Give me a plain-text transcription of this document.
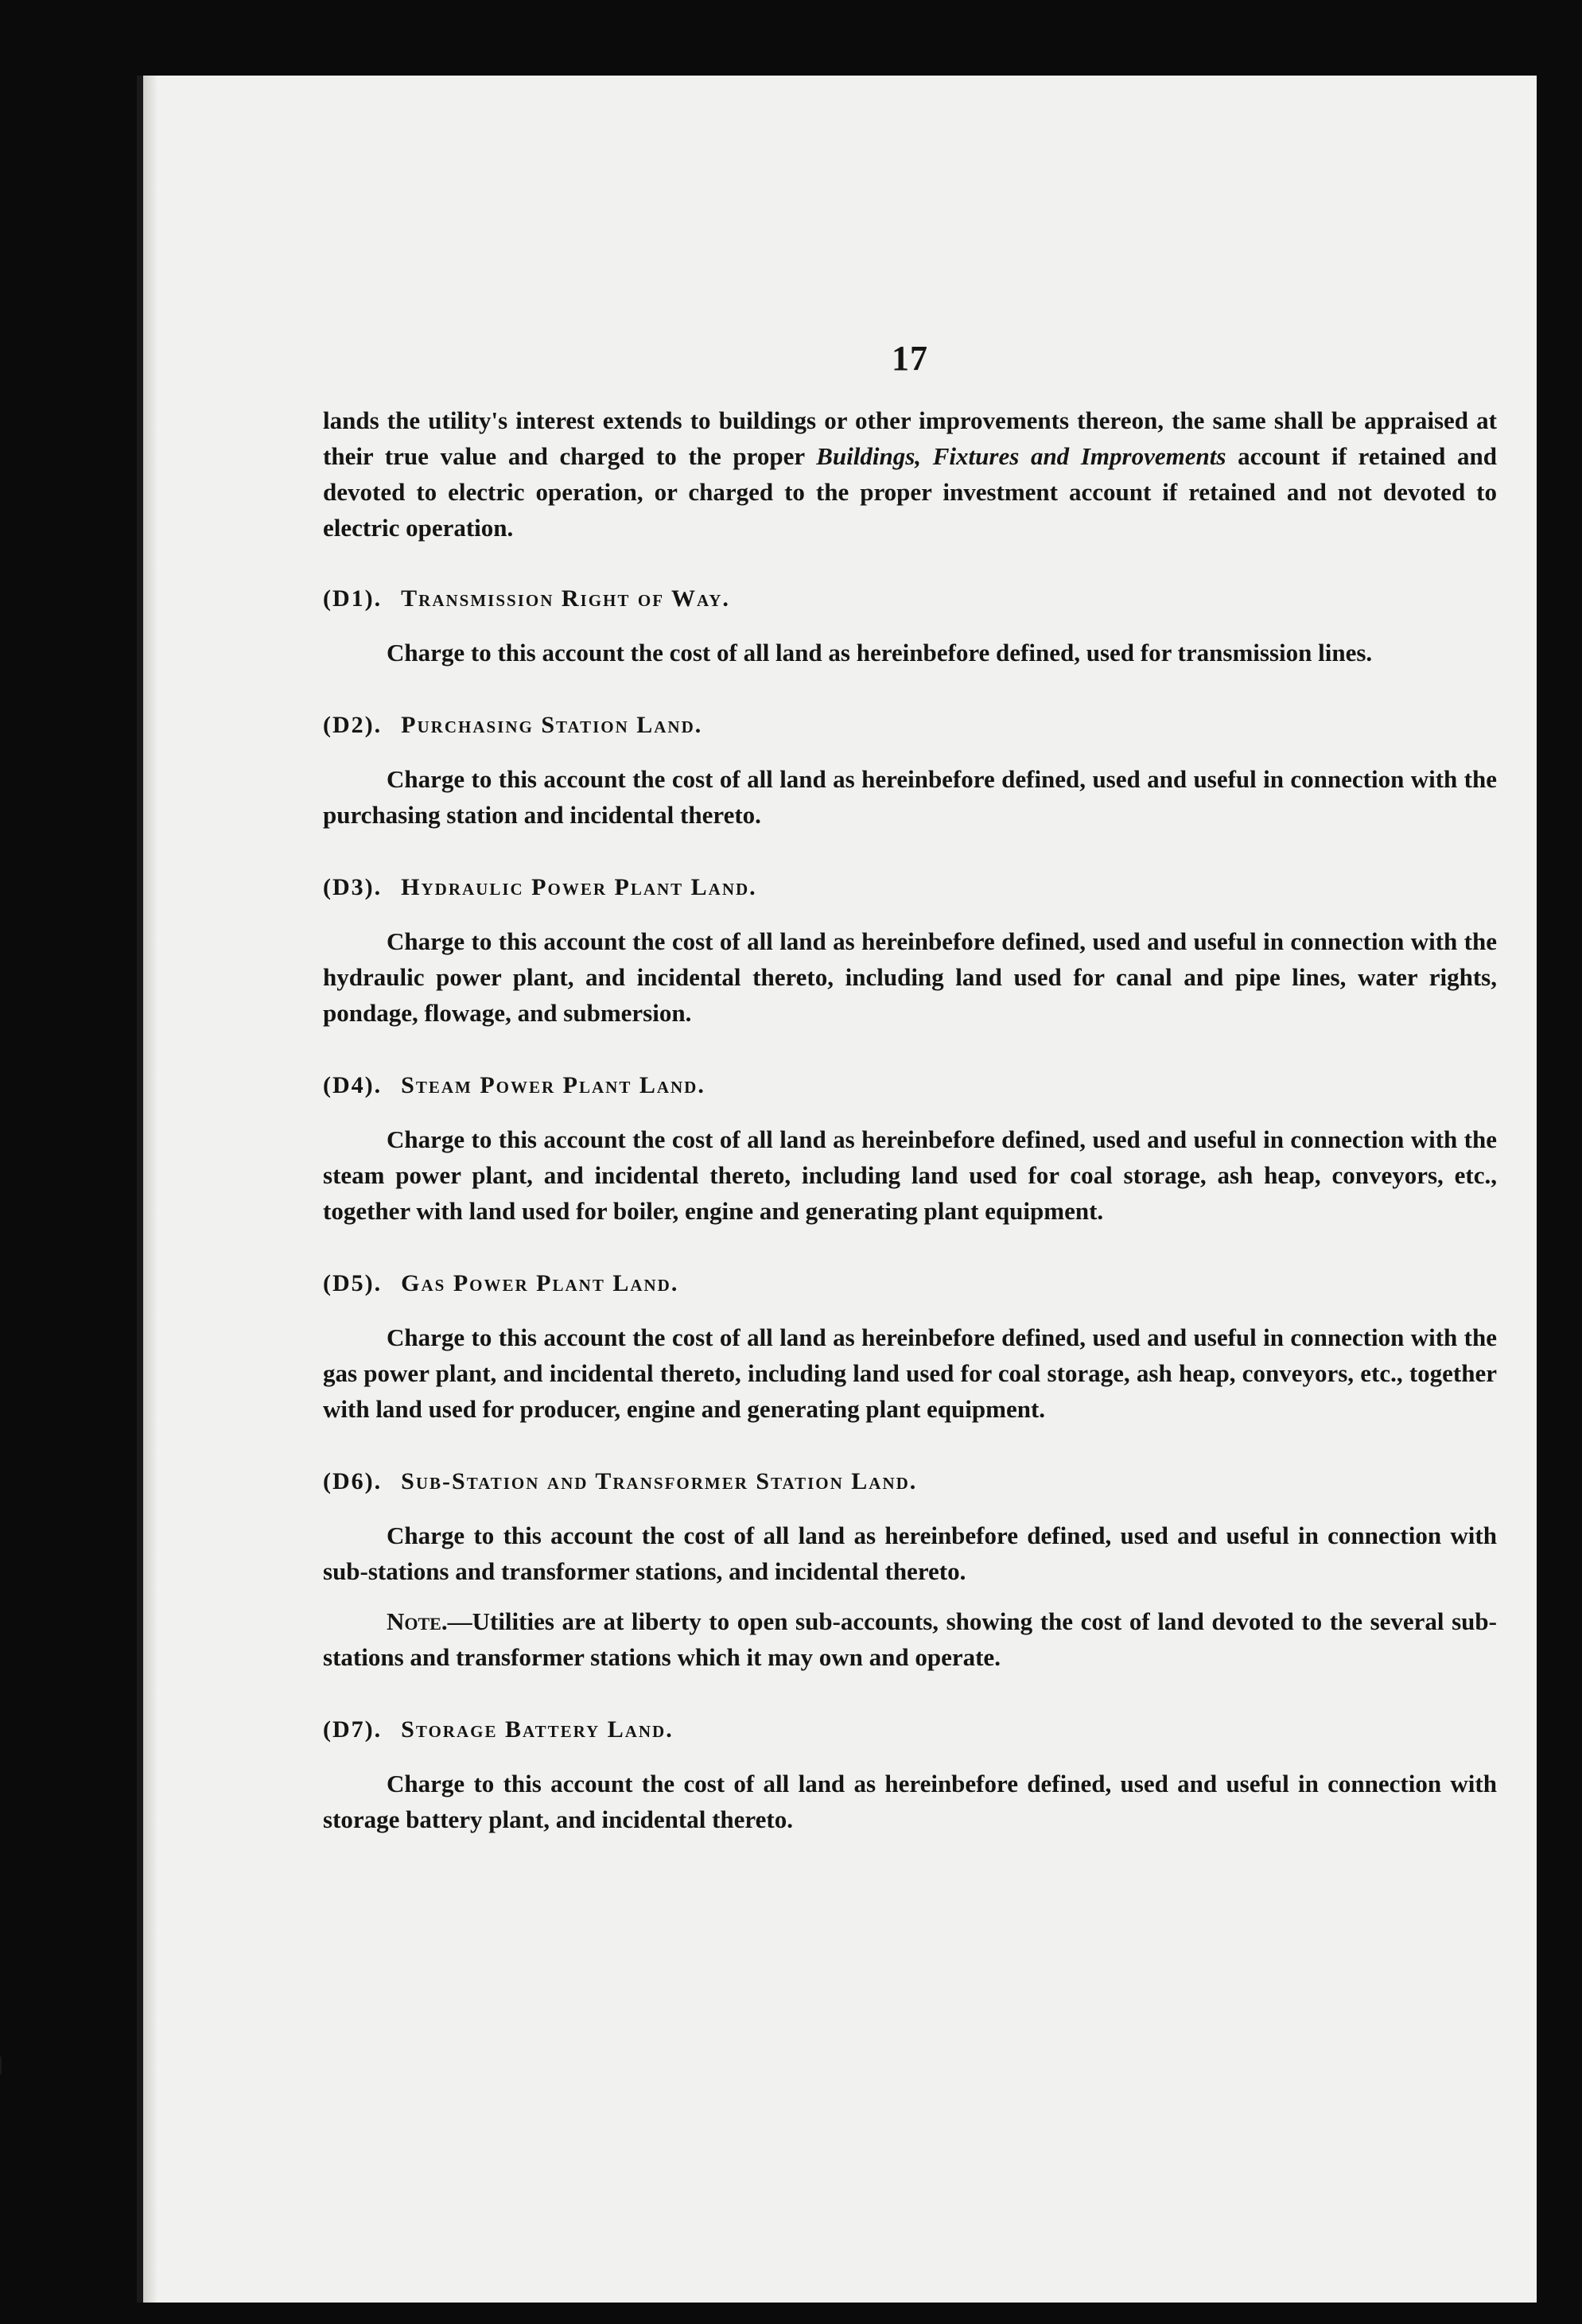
17

lands the utility's interest extends to buildings or other improvements thereon, the same shall be appraised at their true value and charged to the proper Buildings, Fixtures and Improvements account if retained and devoted to electric operation, or charged to the proper investment account if retained and not devoted to electric operation.

(D1). Transmission Right of Way.

Charge to this account the cost of all land as hereinbefore defined, used for transmission lines.

(D2). Purchasing Station Land.

Charge to this account the cost of all land as hereinbefore defined, used and useful in connection with the purchasing station and incidental thereto.

(D3). Hydraulic Power Plant Land.

Charge to this account the cost of all land as hereinbefore defined, used and useful in connection with the hydraulic power plant, and incidental thereto, including land used for canal and pipe lines, water rights, pondage, flowage, and submersion.

(D4). Steam Power Plant Land.

Charge to this account the cost of all land as hereinbefore defined, used and useful in connection with the steam power plant, and incidental thereto, including land used for coal storage, ash heap, conveyors, etc., together with land used for boiler, engine and generating plant equipment.

(D5). Gas Power Plant Land.

Charge to this account the cost of all land as hereinbefore defined, used and useful in connection with the gas power plant, and incidental thereto, including land used for coal storage, ash heap, conveyors, etc., together with land used for producer, engine and generating plant equipment.

(D6). Sub-Station and Transformer Station Land.

Charge to this account the cost of all land as hereinbefore defined, used and useful in connection with sub-stations and transformer stations, and incidental thereto.

Note.—Utilities are at liberty to open sub-accounts, showing the cost of land devoted to the several sub-stations and transformer stations which it may own and operate.

(D7). Storage Battery Land.

Charge to this account the cost of all land as hereinbefore defined, used and useful in connection with storage battery plant, and incidental thereto.
